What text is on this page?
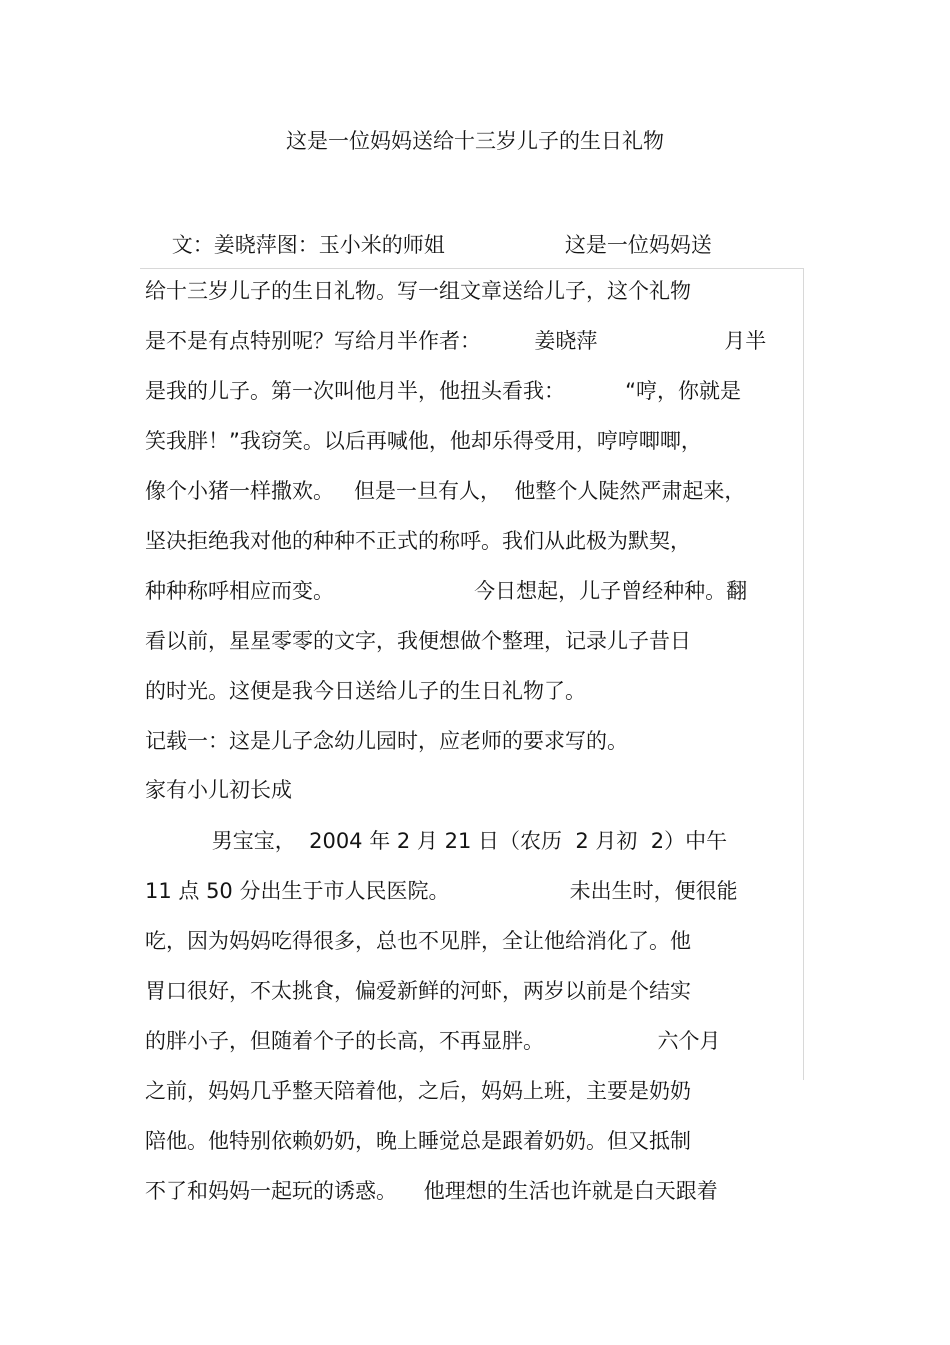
这是一位妈妈送给十三岁儿子的生日礼物
文：姜晓萍图：玉小米的师姐                  这是一位妈妈送
给十三岁儿子的生日礼物。写一组文章送给儿子，这个礼物
是不是有点特别呢？写给月半作者：        姜晓萍                   月半
是我的儿子。第一次叫他月半，他扭头看我：         “哼，你就是
笑我胖！”我窃笑。以后再喊他，他却乐得受用，哼哼唧唧，
像个小猪一样撒欢。   但是一旦有人，  他整个人陡然严肃起来，
坚决拒绝我对他的种种不正式的称呼。我们从此极为默契，
种种称呼相应而变。                     今日想起，儿子曾经种种。翻
看以前，星星零零的文字，我便想做个整理，记录儿子昔日
的时光。这便是我今日送给儿子的生日礼物了。
记载一：这是儿子念幼儿园时，应老师的要求写的。
家有小儿初长成
男宝宝，  2004 年 2 月 21 日（农历  2 月初  2）中午
11 点 50 分出生于市人民医院。                  未出生时，便很能
吃，因为妈妈吃得很多，总也不见胖，全让他给消化了。他
胃口很好，不太挑食，偏爱新鲜的河虾，两岁以前是个结实
的胖小子，但随着个子的长高，不再显胖。                 六个月
之前，妈妈几乎整天陪着他，之后，妈妈上班，主要是奶奶
陪他。他特别依赖奶奶，晚上睡觉总是跟着奶奶。但又抵制
不了和妈妈一起玩的诱惑。    他理想的生活也许就是白天跟着
